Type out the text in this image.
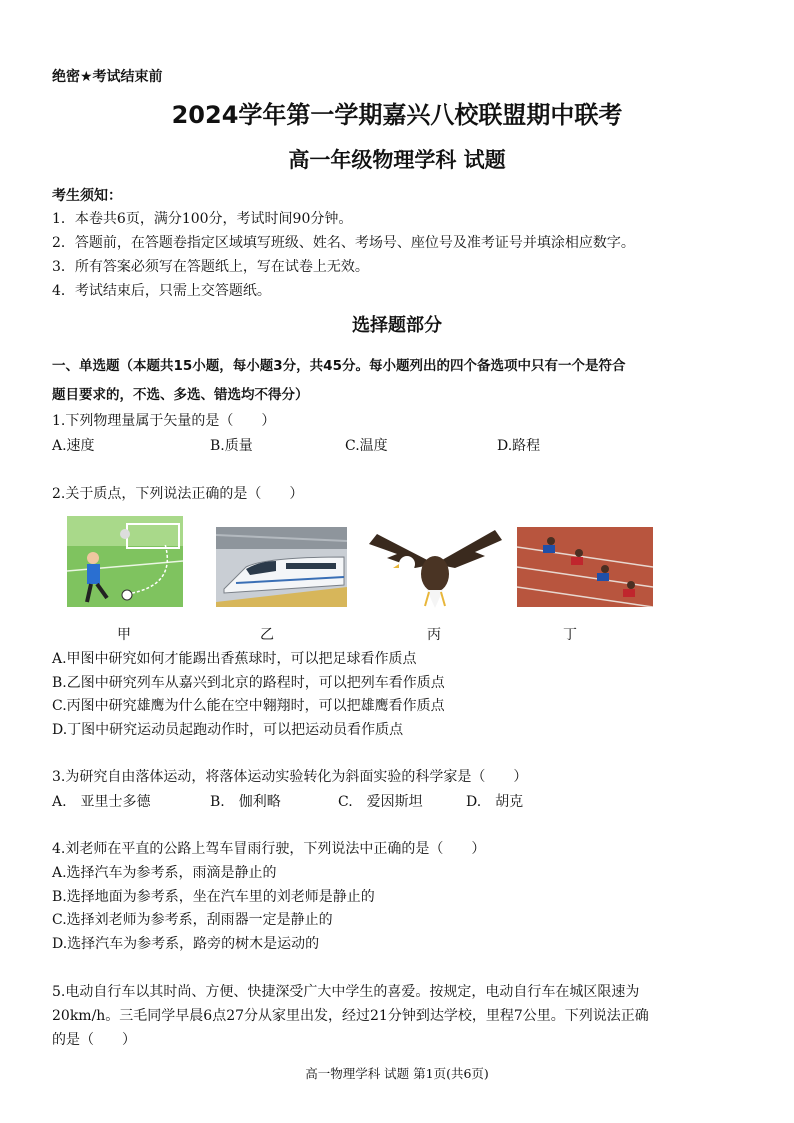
绝密★考试结束前
2024学年第一学期嘉兴八校联盟期中联考
高一年级物理学科 试题
考生须知：
1．本卷共6页，满分100分，考试时间90分钟。
2．答题前，在答题卷指定区域填写班级、姓名、考场号、座位号及准考证号并填涂相应数字。
3．所有答案必须写在答题纸上，写在试卷上无效。
4．考试结束后，只需上交答题纸。
选择题部分
一、单选题（本题共15小题，每小题3分，共45分。每小题列出的四个备选项中只有一个是符合
题目要求的，不选、多选、错选均不得分）
1.下列物理量属于矢量的是（　　）
A.速度	B.质量	C.温度	D.路程
2.关于质点，下列说法正确的是（　　）
甲	乙	丙	丁
A.甲图中研究如何才能踢出香蕉球时，可以把足球看作质点
B.乙图中研究列车从嘉兴到北京的路程时，可以把列车看作质点
C.丙图中研究雄鹰为什么能在空中翱翔时，可以把雄鹰看作质点
D.丁图中研究运动员起跑动作时，可以把运动员看作质点
3.为研究自由落体运动，将落体运动实验转化为斜面实验的科学家是（　　）
A.　亚里士多德	B.　伽利略	C.　爱因斯坦	D.　胡克
4.刘老师在平直的公路上驾车冒雨行驶，下列说法中正确的是（　　）
A.选择汽车为参考系，雨滴是静止的
B.选择地面为参考系，坐在汽车里的刘老师是静止的
C.选择刘老师为参考系，刮雨器一定是静止的
D.选择汽车为参考系，路旁的树木是运动的
5.电动自行车以其时尚、方便、快捷深受广大中学生的喜爱。按规定，电动自行车在城区限速为
20km/h。三毛同学早晨6点27分从家里出发，经过21分钟到达学校，里程7公里。下列说法正确
的是（　　）
高一物理学科 试题 第1页(共6页)
